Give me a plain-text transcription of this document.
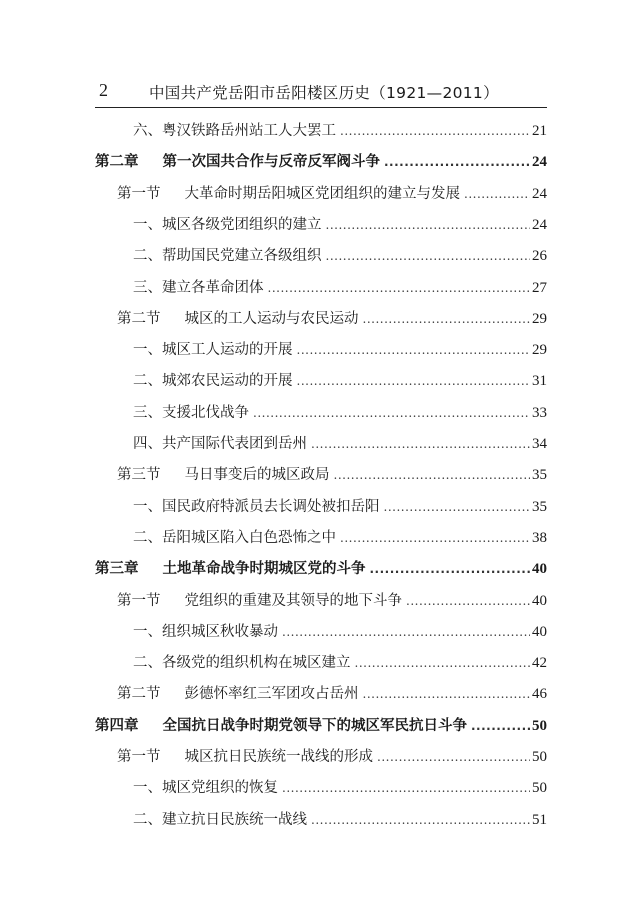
2	中国共产党岳阳市岳阳楼区历史（1921—2011）
六、粤汉铁路岳州站工人大罢工 .....	21
第二章 第一次国共合作与反帝反军阀斗争 .....	24
第一节 大革命时期岳阳城区党团组织的建立与发展 .....	24
一、城区各级党团组织的建立 .....	24
二、帮助国民党建立各级组织 .....	26
三、建立各革命团体 .....	27
第二节 城区的工人运动与农民运动 .....	29
一、城区工人运动的开展 .....	29
二、城郊农民运动的开展 .....	31
三、支援北伐战争 .....	33
四、共产国际代表团到岳州 .....	34
第三节 马日事变后的城区政局 .....	35
一、国民政府特派员去长调处被扣岳阳 .....	35
二、岳阳城区陷入白色恐怖之中 .....	38
第三章 土地革命战争时期城区党的斗争 .....	40
第一节 党组织的重建及其领导的地下斗争 .....	40
一、组织城区秋收暴动 .....	40
二、各级党的组织机构在城区建立 .....	42
第二节 彭德怀率红三军团攻占岳州 .....	46
第四章 全国抗日战争时期党领导下的城区军民抗日斗争 .....	50
第一节 城区抗日民族统一战线的形成 .....	50
一、城区党组织的恢复 .....	50
二、建立抗日民族统一战线 .....	51
